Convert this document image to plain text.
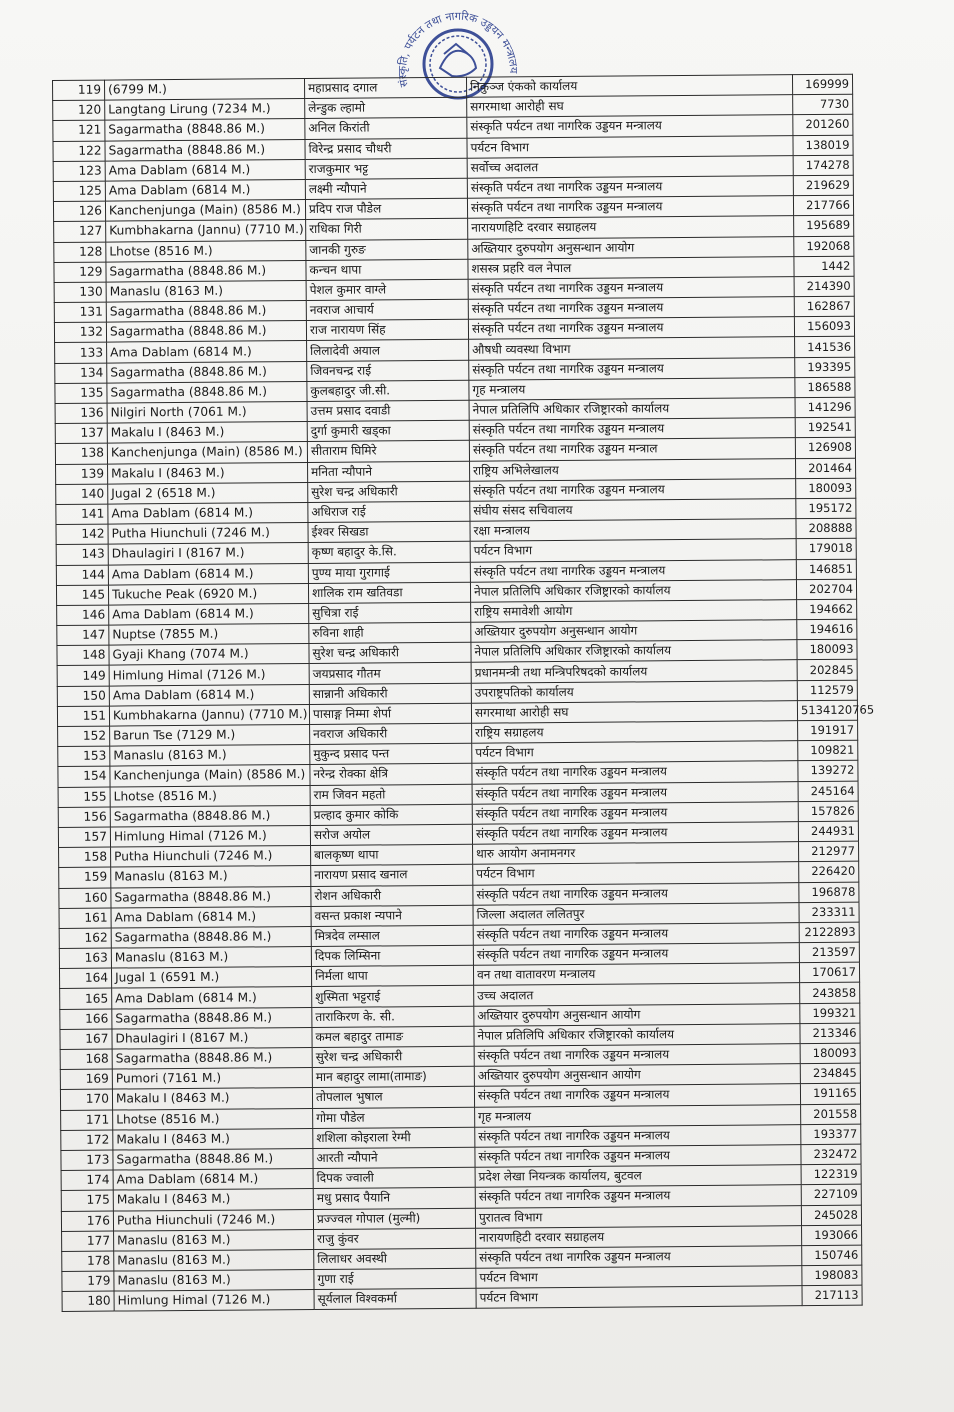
संस्कृति, पर्यटन तथा नागरिक उड्डयन मन्त्रालय
119	(6799 M.)	महाप्रसाद दगाल	निकुञ्ज एंकको कार्यालय	169999
120	Langtang Lirung (7234 M.)	लेन्डुक ल्हामो	सगरमाथा आरोही सघ	7730
121	Sagarmatha (8848.86 M.)	अनिल किरांती	संस्कृति पर्यटन तथा नागरिक उड्डयन मन्त्रालय	201260
122	Sagarmatha (8848.86 M.)	विरेन्द्र प्रसाद चौधरी	पर्यटन विभाग	138019
123	Ama Dablam (6814 M.)	राजकुमार भट्ट	सर्वोच्च अदालत	174278
125	Ama Dablam (6814 M.)	लक्ष्मी न्यौपाने	संस्कृति पर्यटन तथा नागरिक उड्डयन मन्त्रालय	219629
126	Kanchenjunga (Main) (8586 M.)	प्रदिप राज पौडेल	संस्कृति पर्यटन तथा नागरिक उड्डयन मन्त्रालय	217766
127	Kumbhakarna (Jannu) (7710 M.)	राधिका गिरी	नारायणहिटि दरवार सग्राहलय	195689
128	Lhotse (8516 M.)	जानकी गुरुङ	अख्तियार दुरुपयोग अनुसन्धान आयोग	192068
129	Sagarmatha (8848.86 M.)	कन्चन थापा	शसस्त्र प्रहरि वल नेपाल	1442
130	Manaslu (8163 M.)	पेशल कुमार वाग्ले	संस्कृति पर्यटन तथा नागरिक उड्डयन मन्त्रालय	214390
131	Sagarmatha (8848.86 M.)	नवराज आचार्य	संस्कृति पर्यटन तथा नागरिक उड्डयन मन्त्रालय	162867
132	Sagarmatha (8848.86 M.)	राज नारायण सिंह	संस्कृति पर्यटन तथा नागरिक उड्डयन मन्त्रालय	156093
133	Ama Dablam (6814 M.)	लिलादेवी अयाल	औषधी व्यवस्था विभाग	141536
134	Sagarmatha (8848.86 M.)	जिवनचन्द्र राई	संस्कृति पर्यटन तथा नागरिक उड्डयन मन्त्रालय	193395
135	Sagarmatha (8848.86 M.)	कुलबहादुर जी.सी.	गृह मन्त्रालय	186588
136	Nilgiri North (7061 M.)	उत्तम प्रसाद दवाडी	नेपाल प्रतिलिपि अधिकार रजिष्ट्रारको कार्यालय	141296
137	Makalu I (8463 M.)	दुर्गा कुमारी खड्का	संस्कृति पर्यटन तथा नागरिक उड्डयन मन्त्रालय	192541
138	Kanchenjunga (Main) (8586 M.)	सीताराम घिमिरे	संस्कृति पर्यटन तथा नागरिक उड्डयन मन्त्राल	126908
139	Makalu I (8463 M.)	मनिता न्यौपाने	राष्ट्रिय अभिलेखालय	201464
140	Jugal 2 (6518 M.)	सुरेश चन्द्र अधिकारी	संस्कृति पर्यटन तथा नागरिक उड्डयन मन्त्रालय	180093
141	Ama Dablam (6814 M.)	अधिराज राई	संघीय संसद सचिवालय	195172
142	Putha Hiunchuli (7246 M.)	ईश्वर सिखडा	रक्षा मन्त्रालय	208888
143	Dhaulagiri I (8167 M.)	कृष्ण बहादुर के.सि.	पर्यटन विभाग	179018
144	Ama Dablam (6814 M.)	पुण्य माया गुरागाई	संस्कृति पर्यटन तथा नागरिक उड्डयन मन्त्रालय	146851
145	Tukuche Peak (6920 M.)	शालिक राम खतिवडा	नेपाल प्रतिलिपि अधिकार रजिष्ट्रारको कार्यालय	202704
146	Ama Dablam (6814 M.)	सुचित्रा राई	राष्ट्रिय समावेशी आयोग	194662
147	Nuptse (7855 M.)	रुविना शाही	अख्तियार दुरुपयोग अनुसन्धान आयोग	194616
148	Gyaji Khang (7074 M.)	सुरेश चन्द्र अधिकारी	नेपाल प्रतिलिपि अधिकार रजिष्ट्रारको कार्यालय	180093
149	Himlung Himal (7126 M.)	जयप्रसाद गौतम	प्रधानमन्त्री तथा मन्त्रिपरिषदको कार्यालय	202845
150	Ama Dablam (6814 M.)	सान्नानी अधिकारी	उपराष्ट्रपतिको कार्यालय	112579
151	Kumbhakarna (Jannu) (7710 M.)	पासाङ्ग निम्मा शेर्पा	सगरमाथा आरोही सघ	5134120765
152	Barun Tse (7129 M.)	नवराज अधिकारी	राष्ट्रिय सग्राहलय	191917
153	Manaslu (8163 M.)	मुकुन्द प्रसाद पन्त	पर्यटन विभाग	109821
154	Kanchenjunga (Main) (8586 M.)	नरेन्द्र रोक्का क्षेत्रि	संस्कृति पर्यटन तथा नागरिक उड्डयन मन्त्रालय	139272
155	Lhotse (8516 M.)	राम जिवन महतो	संस्कृति पर्यटन तथा नागरिक उड्डयन मन्त्रालय	245164
156	Sagarmatha (8848.86 M.)	प्रल्हाद कुमार कोकि	संस्कृति पर्यटन तथा नागरिक उड्डयन मन्त्रालय	157826
157	Himlung Himal (7126 M.)	सरोज अयोल	संस्कृति पर्यटन तथा नागरिक उड्डयन मन्त्रालय	244931
158	Putha Hiunchuli (7246 M.)	बालकृष्ण थापा	थारु आयोग अनामनगर	212977
159	Manaslu (8163 M.)	नारायण प्रसाद खनाल	पर्यटन विभाग	226420
160	Sagarmatha (8848.86 M.)	रोशन अधिकारी	संस्कृति पर्यटन तथा नागरिक उड्डयन मन्त्रालय	196878
161	Ama Dablam (6814 M.)	वसन्त प्रकाश न्यपाने	जिल्ला अदालत ललितपुर	233311
162	Sagarmatha (8848.86 M.)	मित्रदेव लम्साल	संस्कृति पर्यटन तथा नागरिक उड्डयन मन्त्रालय	2122893
163	Manaslu (8163 M.)	दिपक लिम्सिना	संस्कृति पर्यटन तथा नागरिक उड्डयन मन्त्रालय	213597
164	Jugal 1 (6591 M.)	निर्मला थापा	वन तथा वातावरण मन्त्रालय	170617
165	Ama Dablam (6814 M.)	शुस्मिता भट्टराई	उच्च अदालत	243858
166	Sagarmatha (8848.86 M.)	ताराकिरण के. सी.	अख्तियार दुरुपयोग अनुसन्धान आयोग	199321
167	Dhaulagiri I (8167 M.)	कमल बहादुर तामाङ	नेपाल प्रतिलिपि अधिकार रजिष्ट्रारको कार्यालय	213346
168	Sagarmatha (8848.86 M.)	सुरेश चन्द्र अधिकारी	संस्कृति पर्यटन तथा नागरिक उड्डयन मन्त्रालय	180093
169	Pumori (7161 M.)	मान बहादुर लामा(तामाङ)	अख्तियार दुरुपयोग अनुसन्धान आयोग	234845
170	Makalu I (8463 M.)	तोपलाल भुषाल	संस्कृति पर्यटन तथा नागरिक उड्डयन मन्त्रालय	191165
171	Lhotse (8516 M.)	गोमा पौडेल	गृह मन्त्रालय	201558
172	Makalu I (8463 M.)	शशिला कोइराला रेग्मी	संस्कृति पर्यटन तथा नागरिक उड्डयन मन्त्रालय	193377
173	Sagarmatha (8848.86 M.)	आरती न्यौपाने	संस्कृति पर्यटन तथा नागरिक उड्डयन मन्त्रालय	232472
174	Ama Dablam (6814 M.)	दिपक ज्वाली	प्रदेश लेखा नियन्त्रक कार्यालय, बुटवल	122319
175	Makalu I (8463 M.)	मधु प्रसाद पैयानि	संस्कृति पर्यटन तथा नागरिक उड्डयन मन्त्रालय	227109
176	Putha Hiunchuli (7246 M.)	प्रज्ज्वल गोपाल (मुल्मी)	पुरातत्व विभाग	245028
177	Manaslu (8163 M.)	राजु कुंवर	नारायणहिटी दरवार सग्राहलय	193066
178	Manaslu (8163 M.)	लिलाधर अवस्थी	संस्कृति पर्यटन तथा नागरिक उड्डयन मन्त्रालय	150746
179	Manaslu (8163 M.)	गुणा राई	पर्यटन विभाग	198083
180	Himlung Himal (7126 M.)	सूर्यलाल विश्वकर्मा	पर्यटन विभाग	217113
